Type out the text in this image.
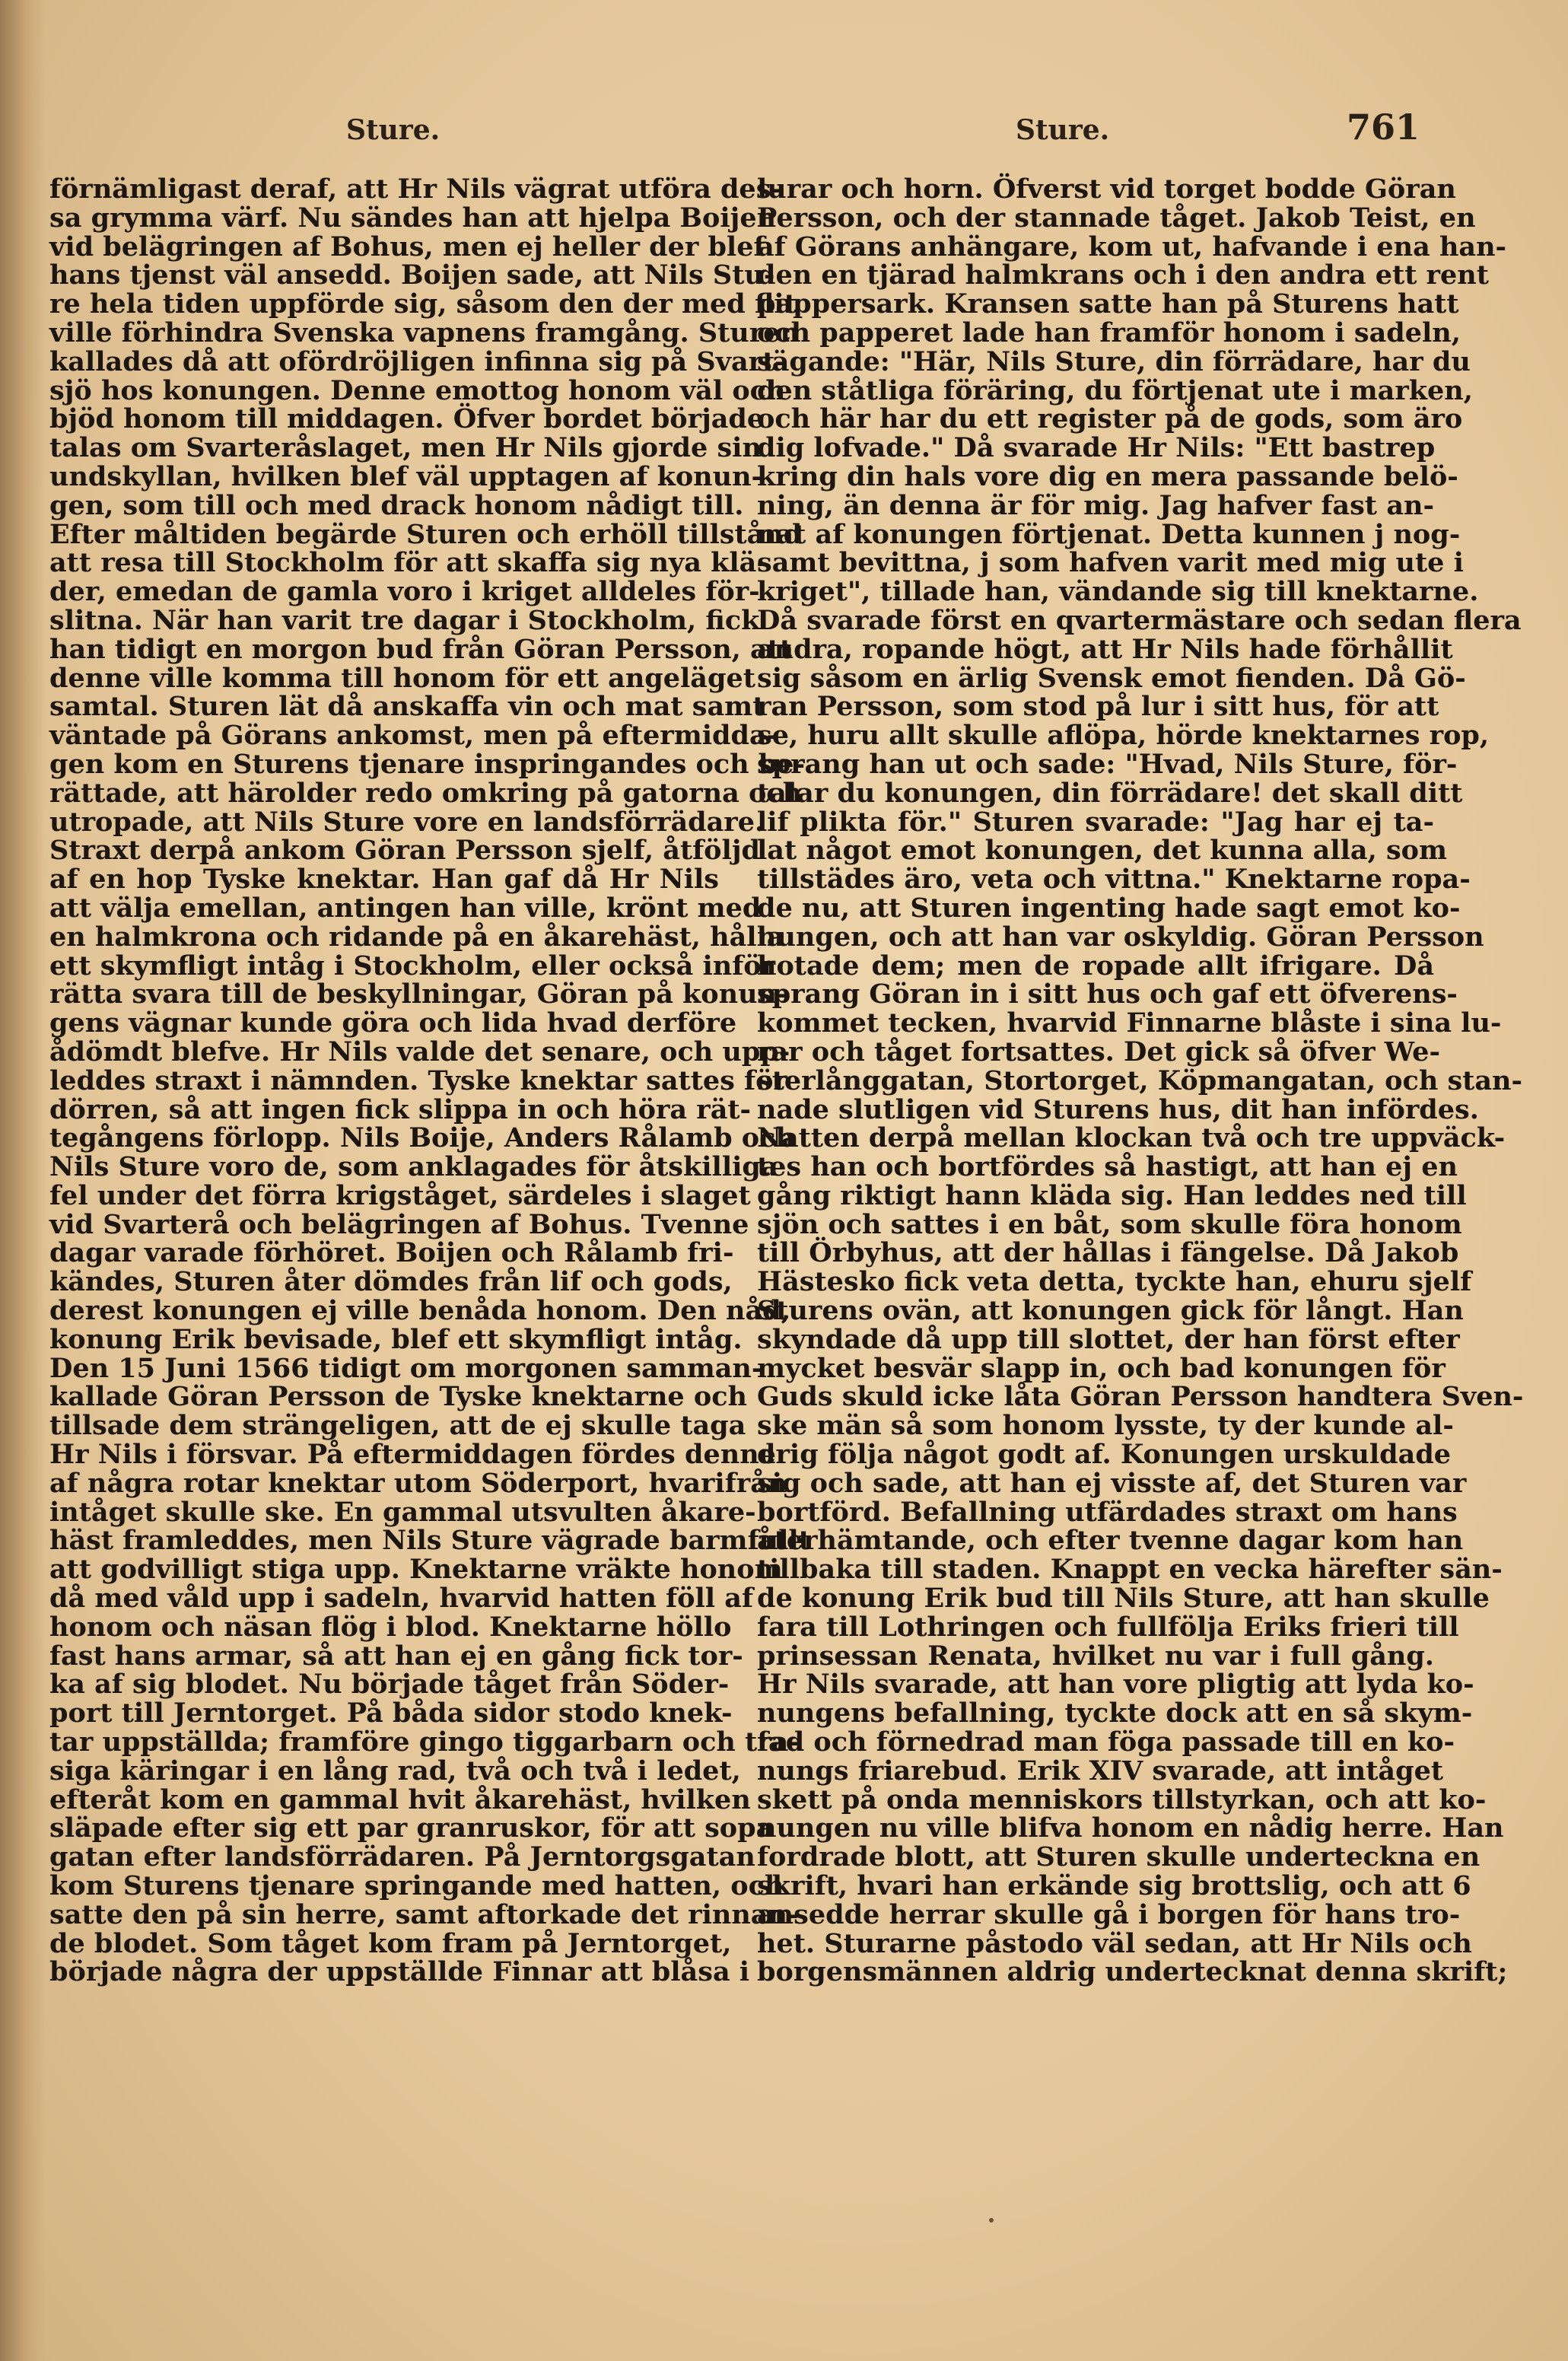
Sture.	Sture.	761
förnämligast deraf, att Hr Nils vägrat utföra des-
sa grymma värf. Nu sändes han att hjelpa Boijen
vid belägringen af Bohus, men ej heller der blef
hans tjenst väl ansedd. Boijen sade, att Nils Stu-
re hela tiden uppförde sig, såsom den der med flit
ville förhindra Svenska vapnens framgång. Sturen
kallades då att ofördröjligen infinna sig på Svart-
sjö hos konungen. Denne emottog honom väl och
bjöd honom till middagen. Öfver bordet började
talas om Svarteråslaget, men Hr Nils gjorde sin
undskyllan, hvilken blef väl upptagen af konun-
gen, som till och med drack honom nådigt till.
Efter måltiden begärde Sturen och erhöll tillstånd
att resa till Stockholm för att skaffa sig nya klä-
der, emedan de gamla voro i kriget alldeles för-
slitna. När han varit tre dagar i Stockholm, fick
han tidigt en morgon bud från Göran Persson, att
denne ville komma till honom för ett angeläget
samtal. Sturen lät då anskaffa vin och mat samt
väntade på Görans ankomst, men på eftermidda-
gen kom en Sturens tjenare inspringandes och be-
rättade, att härolder redo omkring på gatorna och
utropade, att Nils Sture vore en landsförrädare.
Straxt derpå ankom Göran Persson sjelf, åtföljd
af en hop Tyske knektar. Han gaf då Hr Nils
att välja emellan, antingen han ville, krönt med
en halmkrona och ridande på en åkarehäst, hålla
ett skymfligt intåg i Stockholm, eller också inför
rätta svara till de beskyllningar, Göran på konun-
gens vägnar kunde göra och lida hvad derföre
ådömdt blefve. Hr Nils valde det senare, och upp-
leddes straxt i nämnden. Tyske knektar sattes för
dörren, så att ingen fick slippa in och höra rät-
tegångens förlopp. Nils Boije, Anders Rålamb och
Nils Sture voro de, som anklagades för åtskilliga
fel under det förra krigståget, särdeles i slaget
vid Svarterå och belägringen af Bohus. Tvenne
dagar varade förhöret. Boijen och Rålamb fri-
kändes, Sturen åter dömdes från lif och gods,
derest konungen ej ville benåda honom. Den nåd,
konung Erik bevisade, blef ett skymfligt intåg.
Den 15 Juni 1566 tidigt om morgonen samman-
kallade Göran Persson de Tyske knektarne och
tillsade dem strängeligen, att de ej skulle taga
Hr Nils i försvar. På eftermiddagen fördes denne
af några rotar knektar utom Söderport, hvarifrån
intåget skulle ske. En gammal utsvulten åkare-
häst framleddes, men Nils Sture vägrade barmfullt
att godvilligt stiga upp. Knektarne vräkte honom
då med våld upp i sadeln, hvarvid hatten föll af
honom och näsan flög i blod. Knektarne höllo
fast hans armar, så att han ej en gång fick tor-
ka af sig blodet. Nu började tåget från Söder-
port till Jerntorget. På båda sidor stodo knek-
tar uppställda; framföre gingo tiggarbarn och tra-
siga käringar i en lång rad, två och två i ledet,
efteråt kom en gammal hvit åkarehäst, hvilken
släpade efter sig ett par granruskor, för att sopa
gatan efter landsförrädaren. På Jerntorgsgatan
kom Sturens tjenare springande med hatten, och
satte den på sin herre, samt aftorkade det rinnan-
de blodet. Som tåget kom fram på Jerntorget,
började några der uppställde Finnar att blåsa i
lurar och horn. Öfverst vid torget bodde Göran
Persson, och der stannade tåget. Jakob Teist, en
af Görans anhängare, kom ut, hafvande i ena han-
den en tjärad halmkrans och i den andra ett rent
pappersark. Kransen satte han på Sturens hatt
och papperet lade han framför honom i sadeln,
sägande: "Här, Nils Sture, din förrädare, har du
den ståtliga föräring, du förtjenat ute i marken,
och här har du ett register på de gods, som äro
dig lofvade." Då svarade Hr Nils: "Ett bastrep
kring din hals vore dig en mera passande belö-
ning, än denna är för mig. Jag hafver fast an-
nat af konungen förtjenat. Detta kunnen j nog-
samt bevittna, j som hafven varit med mig ute i
kriget", tillade han, vändande sig till knektarne.
Då svarade först en qvartermästare och sedan flera
andra, ropande högt, att Hr Nils hade förhållit
sig såsom en ärlig Svensk emot fienden. Då Gö-
ran Persson, som stod på lur i sitt hus, för att
se, huru allt skulle aflöpa, hörde knektarnes rop,
sprang han ut och sade: "Hvad, Nils Sture, för-
talar du konungen, din förrädare! det skall ditt
lif plikta för." Sturen svarade: "Jag har ej ta-
lat något emot konungen, det kunna alla, som
tillstädes äro, veta och vittna." Knektarne ropa-
de nu, att Sturen ingenting hade sagt emot ko-
nungen, och att han var oskyldig. Göran Persson
hotade dem; men de ropade allt ifrigare. Då
sprang Göran in i sitt hus och gaf ett öfverens-
kommet tecken, hvarvid Finnarne blåste i sina lu-
rar och tåget fortsattes. Det gick så öfver We-
sterlånggatan, Stortorget, Köpmangatan, och stan-
nade slutligen vid Sturens hus, dit han infördes.
Natten derpå mellan klockan två och tre uppväck-
tes han och bortfördes så hastigt, att han ej en
gång riktigt hann kläda sig. Han leddes ned till
sjön och sattes i en båt, som skulle föra honom
till Örbyhus, att der hållas i fängelse. Då Jakob
Hästesko fick veta detta, tyckte han, ehuru sjelf
Sturens ovän, att konungen gick för långt. Han
skyndade då upp till slottet, der han först efter
mycket besvär slapp in, och bad konungen för
Guds skuld icke låta Göran Persson handtera Sven-
ske män så som honom lysste, ty der kunde al-
drig följa något godt af. Konungen urskuldade
sig och sade, att han ej visste af, det Sturen var
bortförd. Befallning utfärdades straxt om hans
återhämtande, och efter tvenne dagar kom han
tillbaka till staden. Knappt en vecka härefter sän-
de konung Erik bud till Nils Sture, att han skulle
fara till Lothringen och fullfölja Eriks frieri till
prinsessan Renata, hvilket nu var i full gång.
Hr Nils svarade, att han vore pligtig att lyda ko-
nungens befallning, tyckte dock att en så skym-
fad och förnedrad man föga passade till en ko-
nungs friarebud. Erik XIV svarade, att intåget
skett på onda menniskors tillstyrkan, och att ko-
nungen nu ville blifva honom en nådig herre. Han
fordrade blott, att Sturen skulle underteckna en
skrift, hvari han erkände sig brottslig, och att 6
ansedde herrar skulle gå i borgen för hans tro-
het. Sturarne påstodo väl sedan, att Hr Nils och
borgensmännen aldrig undertecknat denna skrift;
